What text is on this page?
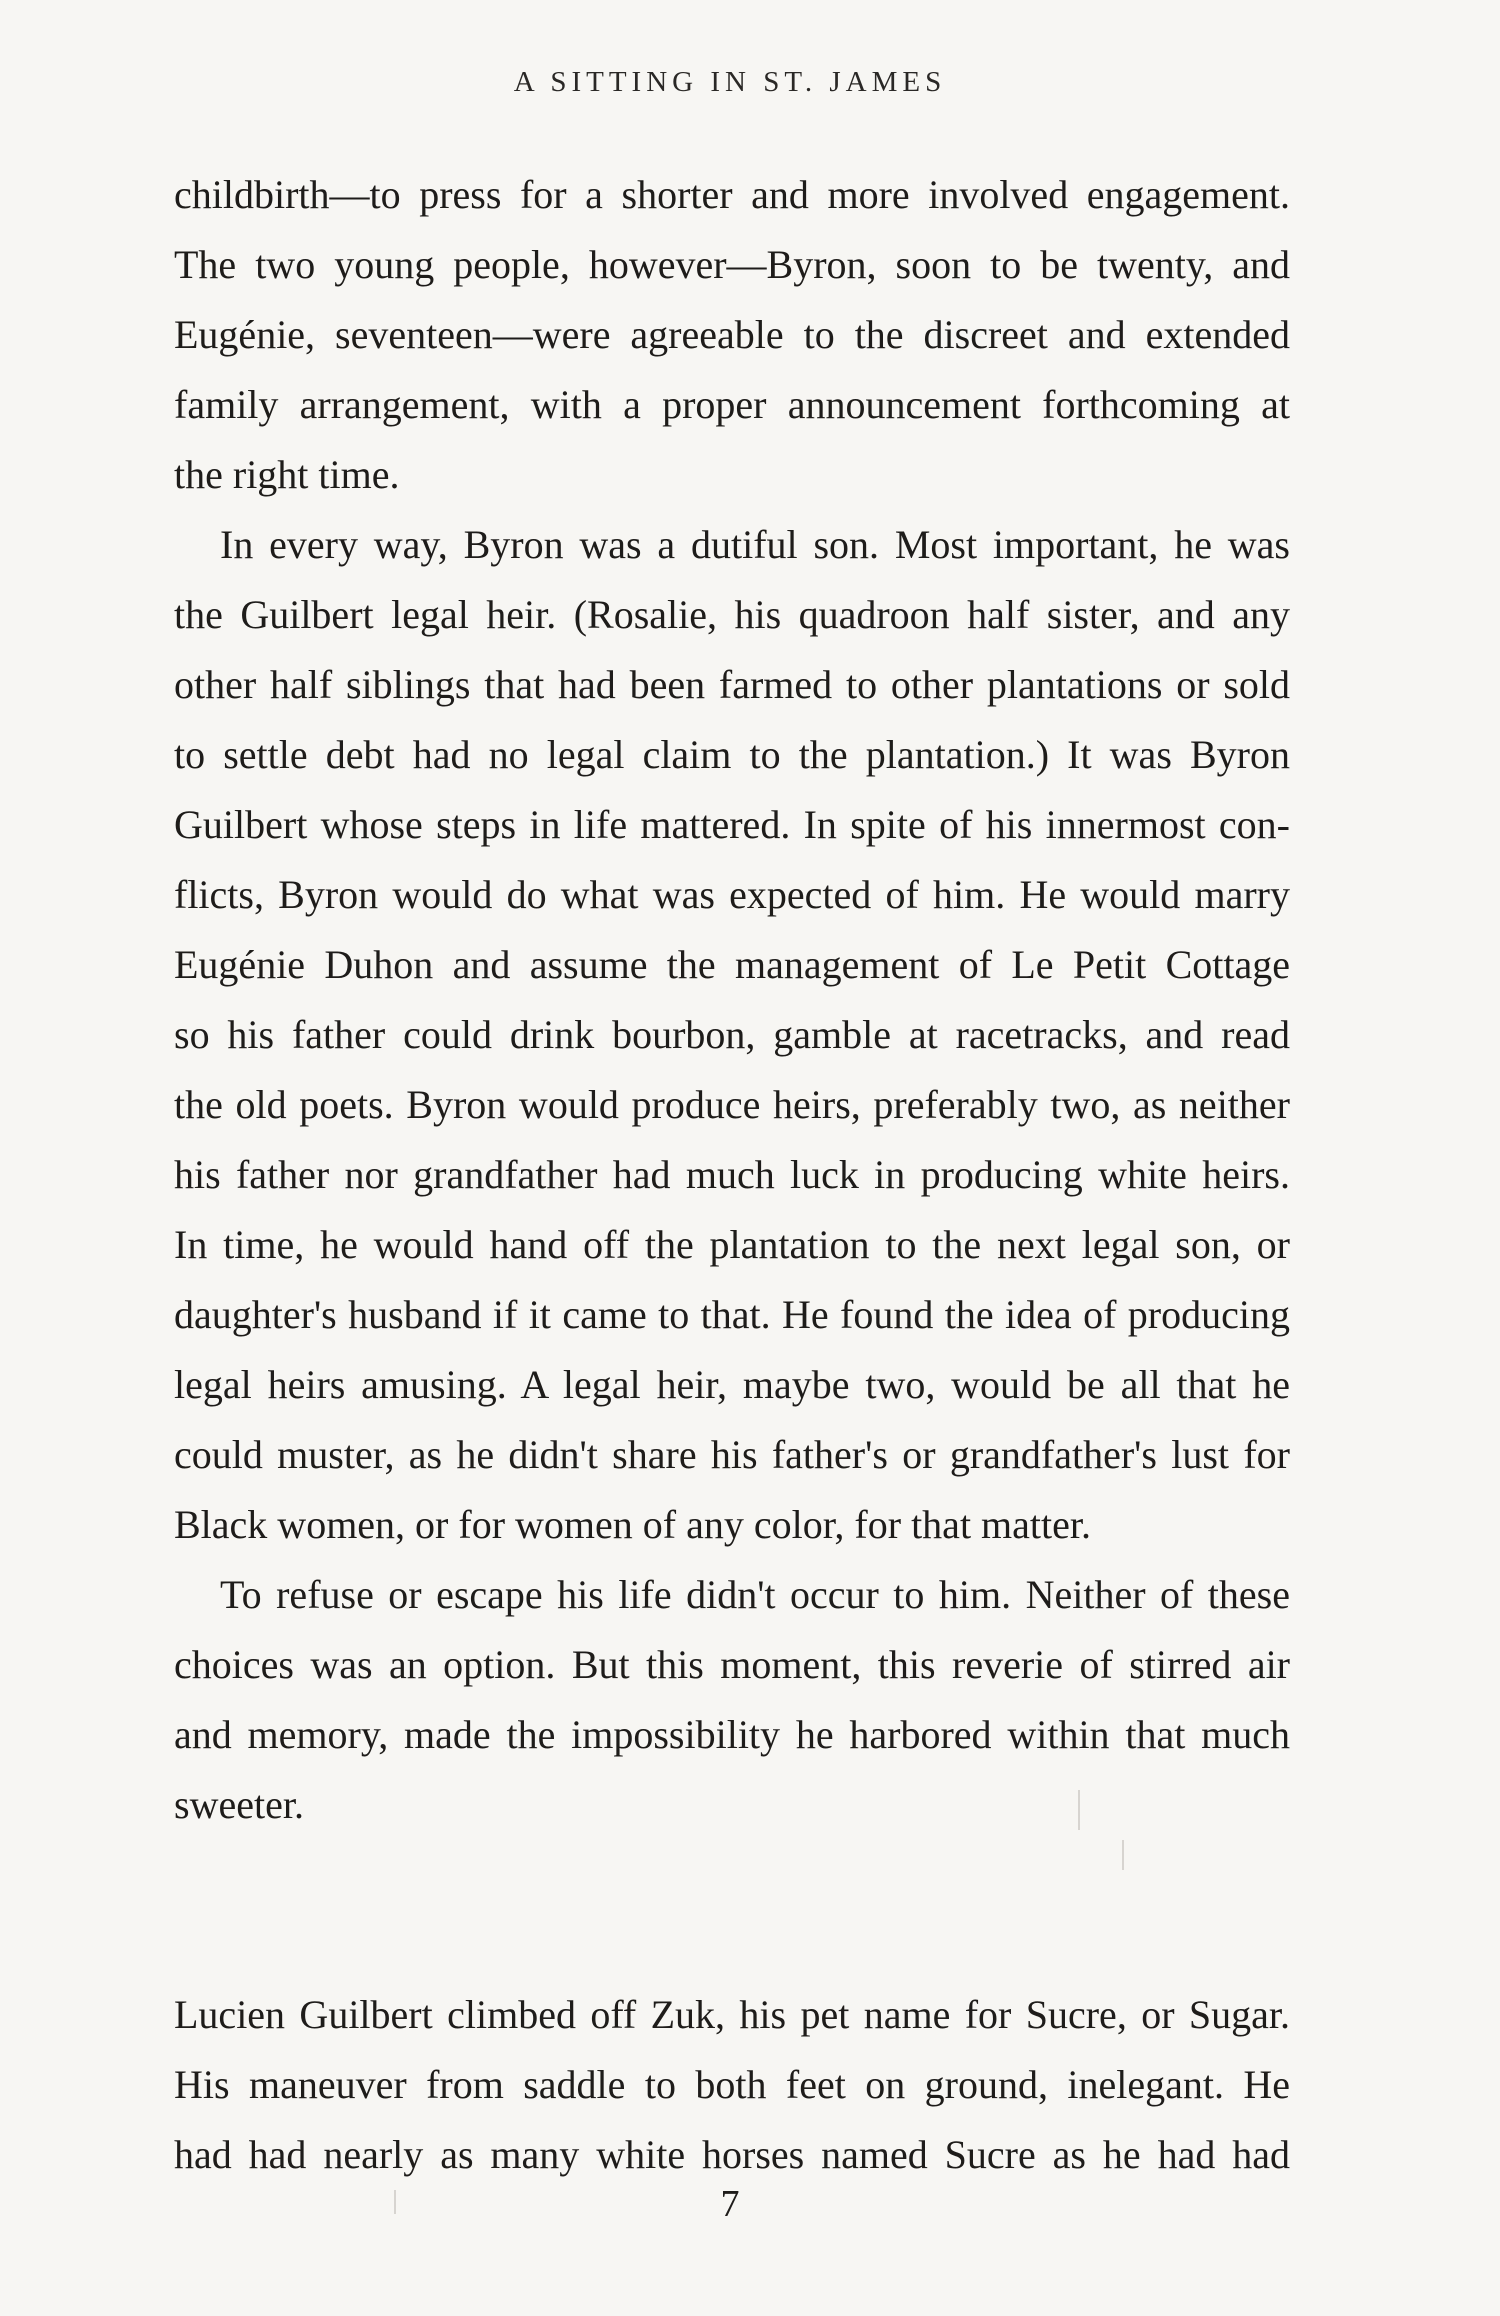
A SITTING IN ST. JAMES

childbirth—to press for a shorter and more involved engagement.
The two young people, however—Byron, soon to be twenty, and
Eugénie, seventeen—were agreeable to the discreet and extended
family arrangement, with a proper announcement forthcoming at
the right time.

In every way, Byron was a dutiful son. Most important, he was
the Guilbert legal heir. (Rosalie, his quadroon half sister, and any
other half siblings that had been farmed to other plantations or sold
to settle debt had no legal claim to the plantation.) It was Byron
Guilbert whose steps in life mattered. In spite of his innermost con-
flicts, Byron would do what was expected of him. He would marry
Eugénie Duhon and assume the management of Le Petit Cottage
so his father could drink bourbon, gamble at racetracks, and read
the old poets. Byron would produce heirs, preferably two, as neither
his father nor grandfather had much luck in producing white heirs.
In time, he would hand off the plantation to the next legal son, or
daughter's husband if it came to that. He found the idea of producing
legal heirs amusing. A legal heir, maybe two, would be all that he
could muster, as he didn't share his father's or grandfather's lust for
Black women, or for women of any color, for that matter.

To refuse or escape his life didn't occur to him. Neither of these
choices was an option. But this moment, this reverie of stirred air
and memory, made the impossibility he harbored within that much
sweeter.

Lucien Guilbert climbed off Zuk, his pet name for Sucre, or Sugar.
His maneuver from saddle to both feet on ground, inelegant. He
had had nearly as many white horses named Sucre as he had had

7
